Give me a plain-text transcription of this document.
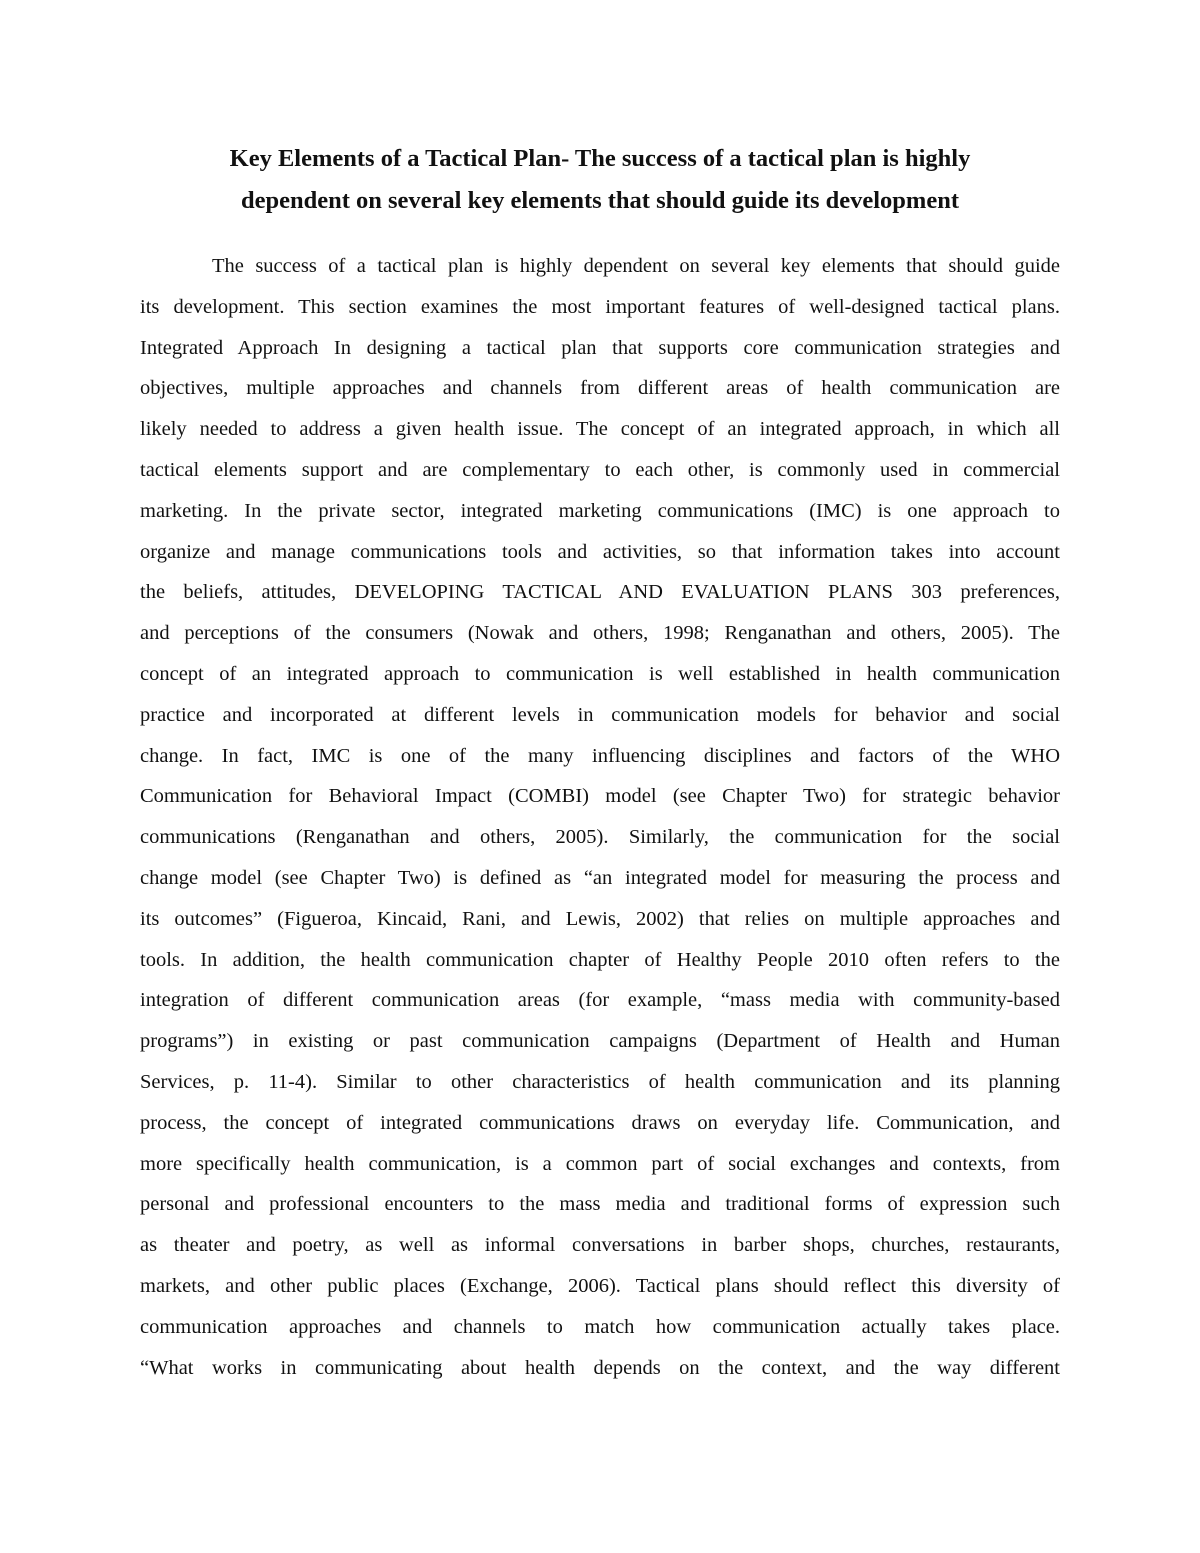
Key Elements of a Tactical Plan- The success of a tactical plan is highly
dependent on several key elements that should guide its development
The success of a tactical plan is highly dependent on several key elements that should guide
its development. This section examines the most important features of well-designed tactical plans.
Integrated Approach In designing a tactical plan that supports core communication strategies and
objectives, multiple approaches and channels from different areas of health communication are
likely needed to address a given health issue. The concept of an integrated approach, in which all
tactical elements support and are complementary to each other, is commonly used in commercial
marketing. In the private sector, integrated marketing communications (IMC) is one approach to
organize and manage communications tools and activities, so that information takes into account
the beliefs, attitudes, DEVELOPING TACTICAL AND EVALUATION PLANS 303 preferences,
and perceptions of the consumers (Nowak and others, 1998; Renganathan and others, 2005). The
concept of an integrated approach to communication is well established in health communication
practice and incorporated at different levels in communication models for behavior and social
change. In fact, IMC is one of the many influencing disciplines and factors of the WHO
Communication for Behavioral Impact (COMBI) model (see Chapter Two) for strategic behavior
communications (Renganathan and others, 2005). Similarly, the communication for the social
change model (see Chapter Two) is defined as “an integrated model for measuring the process and
its outcomes” (Figueroa, Kincaid, Rani, and Lewis, 2002) that relies on multiple approaches and
tools. In addition, the health communication chapter of Healthy People 2010 often refers to the
integration of different communication areas (for example, “mass media with community-based
programs”) in existing or past communication campaigns (Department of Health and Human
Services, p. 11-4). Similar to other characteristics of health communication and its planning
process, the concept of integrated communications draws on everyday life. Communication, and
more specifically health communication, is a common part of social exchanges and contexts, from
personal and professional encounters to the mass media and traditional forms of expression such
as theater and poetry, as well as informal conversations in barber shops, churches, restaurants,
markets, and other public places (Exchange, 2006). Tactical plans should reflect this diversity of
communication approaches and channels to match how communication actually takes place.
“What works in communicating about health depends on the context, and the way different
